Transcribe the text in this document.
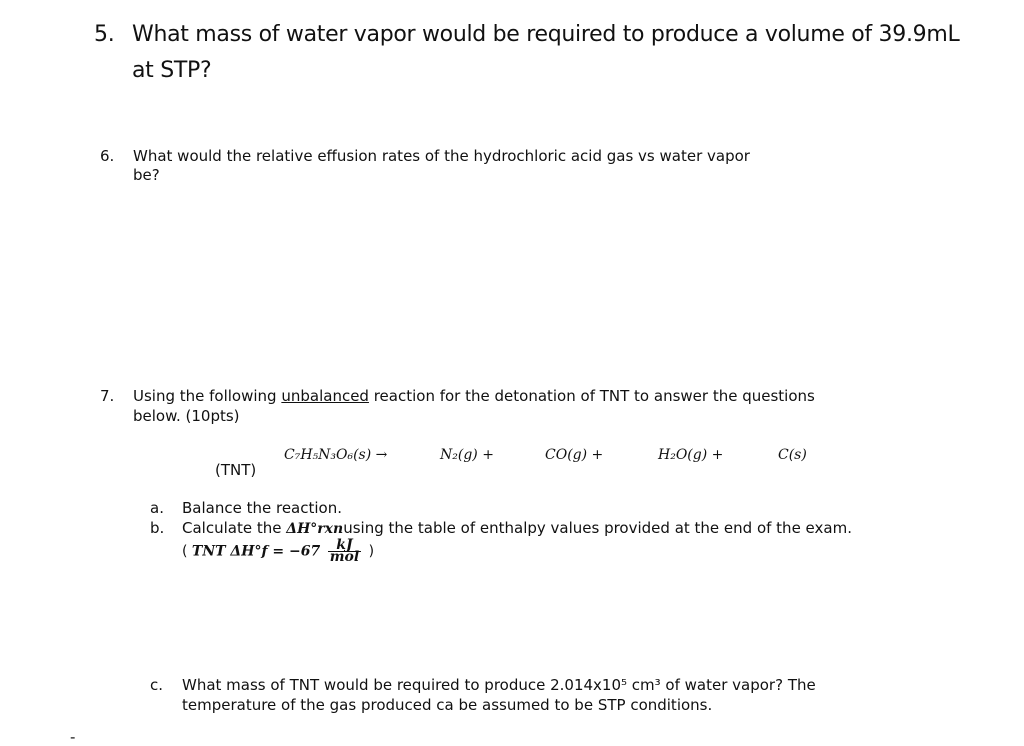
5. What mass of water vapor would be required to produce a volume of 39.9mL
at STP?
6. What would the relative effusion rates of the hydrochloric acid gas vs water vapor
be?
7. Using the following unbalanced reaction for the detonation of TNT to answer the questions
below. (10pts)
C₇H₅N₃O₆(s) →	N₂(g) +	CO(g) +	H₂O(g) +	C(s)
(TNT)
a. Balance the reaction.
b. Calculate the ΔH°rxnusing the table of enthalpy values provided at the end of the exam.
( TNT $\Delta H^\circ f = -67 \frac{kJ}{\text{mol}}$ )
c. What mass of TNT would be required to produce 2.014x10⁵ cm³ of water vapor? The
temperature of the gas produced ca be assumed to be STP conditions.
-
